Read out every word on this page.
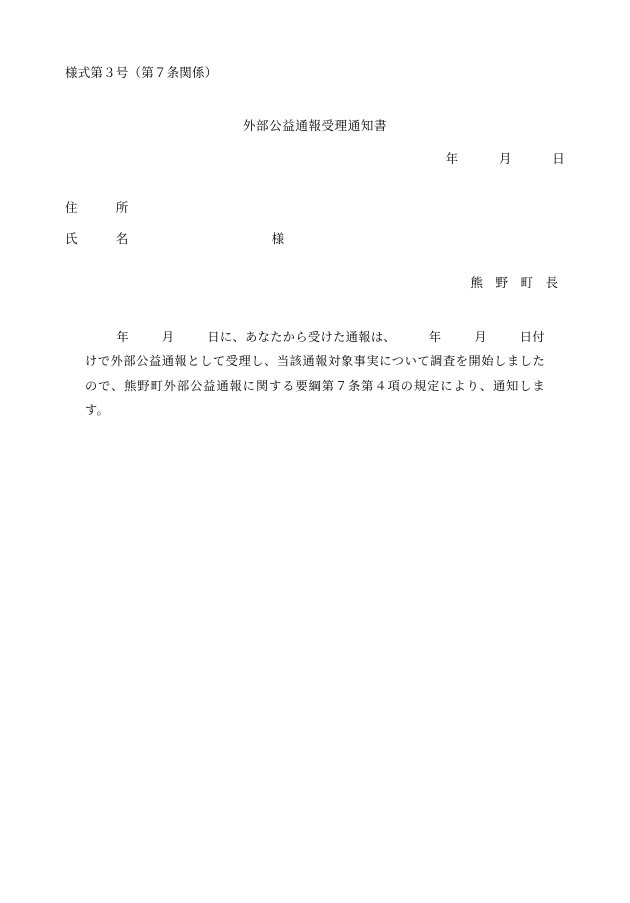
様式第３号（第７条関係）
外部公益通報受理通知書
年	月	日
住　　　所
氏　　　名	様
熊　野　町　長
年	月	日に、あなたから受けた通報は、	年	月	日付けで外部公益通報として受理し、当該通報対象事実について調査を開始しましたので、熊野町外部公益通報に関する要綱第７条第４項の規定により、通知します。
